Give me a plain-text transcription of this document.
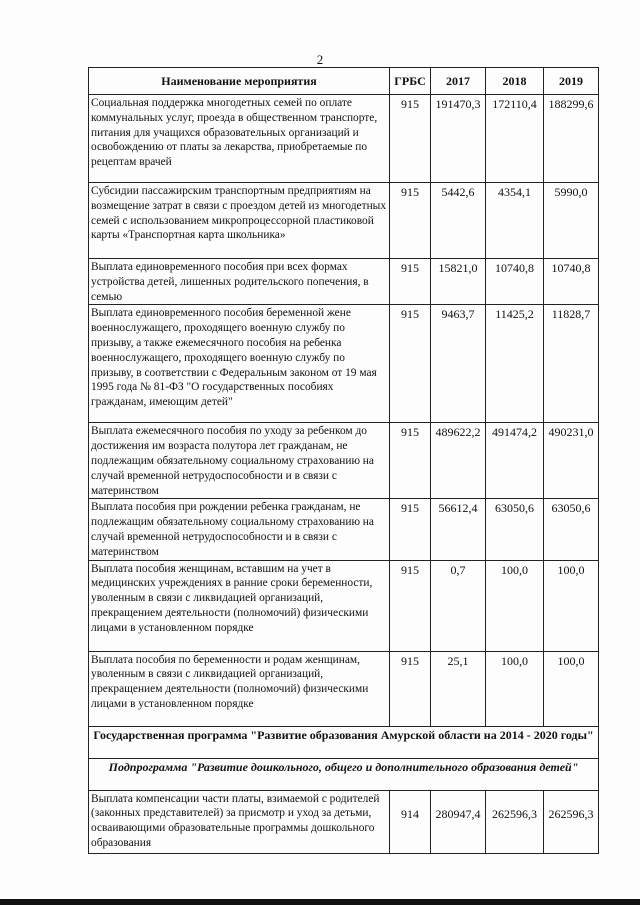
2
Наименование мероприятия	ГРБС	2017	2018	2019
Социальная поддержка многодетных семей по оплате коммунальных услуг, проезда в общественном транспорте, питания для учащихся образовательных организаций и освобождению от платы за лекарства, приобретаемые по рецептам врачей	915	191470,3	172110,4	188299,6
Субсидии пассажирским транспортным предприятиям на возмещение затрат в связи с проездом детей из многодетных семей с использованием микропроцессорной пластиковой карты «Транспортная карта школьника»	915	5442,6	4354,1	5990,0
Выплата единовременного пособия при всех формах устройства детей, лишенных родительского попечения, в семью	915	15821,0	10740,8	10740,8
Выплата единовременного пособия беременной жене военнослужащего, проходящего военную службу по призыву, а также ежемесячного пособия на ребенка военнослужащего, проходящего военную службу по призыву, в соответствии с Федеральным законом от 19 мая 1995 года № 81-ФЗ "О государственных пособиях гражданам, имеющим детей"	915	9463,7	11425,2	11828,7
Выплата ежемесячного пособия по уходу за ребенком до достижения им возраста полутора лет гражданам, не подлежащим обязательному социальному страхованию на случай временной нетрудоспособности и в связи с материнством	915	489622,2	491474,2	490231,0
Выплата пособия при рождении ребенка гражданам, не подлежащим обязательному социальному страхованию на случай временной нетрудоспособности и в связи с материнством	915	56612,4	63050,6	63050,6
Выплата пособия женщинам, вставшим на учет в медицинских учреждениях в ранние сроки беременности, уволенным в связи с ликвидацией организаций, прекращением деятельности (полномочий) физическими лицами в установленном порядке	915	0,7	100,0	100,0
Выплата пособия по беременности и родам женщинам, уволенным в связи с ликвидацией организаций, прекращением деятельности (полномочий) физическими лицами в установленном порядке	915	25,1	100,0	100,0
Государственная программа "Развитие образования Амурской области на 2014 - 2020 годы"				
Подпрограмма "Развитие дошкольного, общего и дополнительного образования детей"				
Выплата компенсации части платы, взимаемой с родителей (законных представителей) за присмотр и уход за детьми, осваивающими образовательные программы дошкольного образования	914	280947,4	262596,3	262596,3
